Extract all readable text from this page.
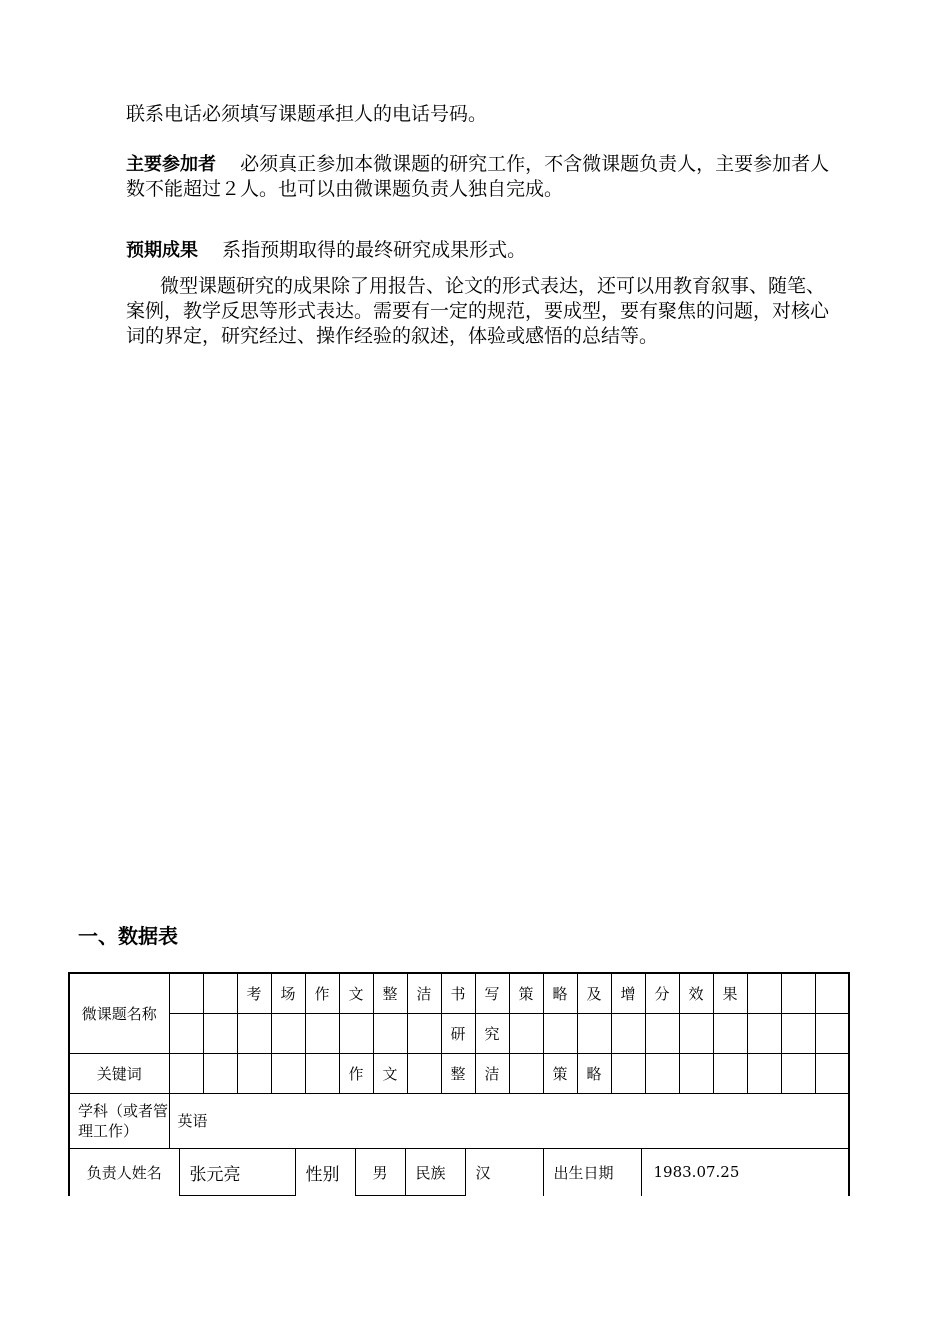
联系电话必须填写课题承担人的电话号码。

主要参加者 必须真正参加本微课题的研究工作，不含微课题负责人，主要参加者人数不能超过２人。也可以由微课题负责人独自完成。

预期成果 系指预期取得的最终研究成果形式。

微型课题研究的成果除了用报告、论文的形式表达，还可以用教育叙事、随笔、案例，教学反思等形式表达。需要有一定的规范，要成型，要有聚焦的问题，对核心词的界定，研究经过、操作经验的叙述，体验或感悟的总结等。

一、数据表
微课题名称			考	场	作	文	整	洁	书	写	策	略	及	增	分	效	果			
									研	究										
关键词						作	文		整	洁		策	略							
学科（或者管理工作）	英语																			
负责人姓名	张元亮	性别	男	民族	汉	出生日期	1983.07.25
